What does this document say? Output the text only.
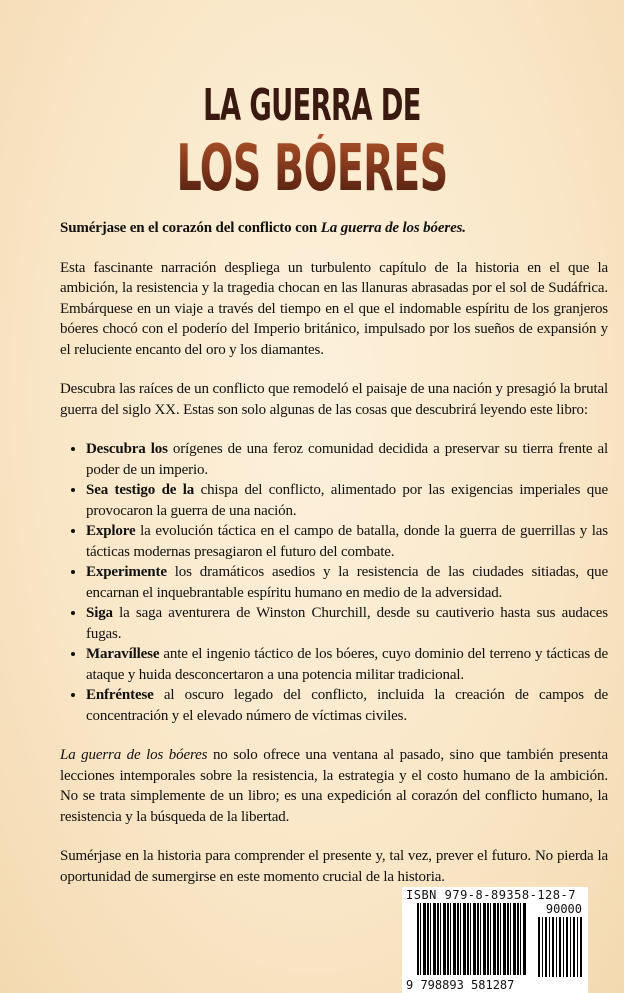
LA GUERRA DE
LOS BÓERES

Sumérjase en el corazón del conflicto con La guerra de los bóeres.

Esta fascinante narración despliega un turbulento capítulo de la historia en el que la ambición, la resistencia y la tragedia chocan en las llanuras abrasadas por el sol de Sudáfrica. Embárquese en un viaje a través del tiempo en el que el indomable espíritu de los granjeros bóeres chocó con el poderío del Imperio británico, impulsado por los sueños de expansión y el reluciente encanto del oro y los diamantes.

Descubra las raíces de un conflicto que remodeló el paisaje de una nación y presagió la brutal guerra del siglo XX. Estas son solo algunas de las cosas que descubrirá leyendo este libro:

• Descubra los orígenes de una feroz comunidad decidida a preservar su tierra frente al poder de un imperio.
• Sea testigo de la chispa del conflicto, alimentado por las exigencias imperiales que provocaron la guerra de una nación.
• Explore la evolución táctica en el campo de batalla, donde la guerra de guerrillas y las tácticas modernas presagiaron el futuro del combate.
• Experimente los dramáticos asedios y la resistencia de las ciudades sitiadas, que encarnan el inquebrantable espíritu humano en medio de la adversidad.
• Siga la saga aventurera de Winston Churchill, desde su cautiverio hasta sus audaces fugas.
• Maravíllese ante el ingenio táctico de los bóeres, cuyo dominio del terreno y tácticas de ataque y huida desconcertaron a una potencia militar tradicional.
• Enfréntese al oscuro legado del conflicto, incluida la creación de campos de concentración y el elevado número de víctimas civiles.

La guerra de los bóeres no solo ofrece una ventana al pasado, sino que también presenta lecciones intemporales sobre la resistencia, la estrategia y el costo humano de la ambición. No se trata simplemente de un libro; es una expedición al corazón del conflicto humano, la resistencia y la búsqueda de la libertad.

Sumérjase en la historia para comprender el presente y, tal vez, prever el futuro. No pierda la oportunidad de sumergirse en este momento crucial de la historia.

ISBN 979-8-89358-128-7
90000
9 798893 581287
